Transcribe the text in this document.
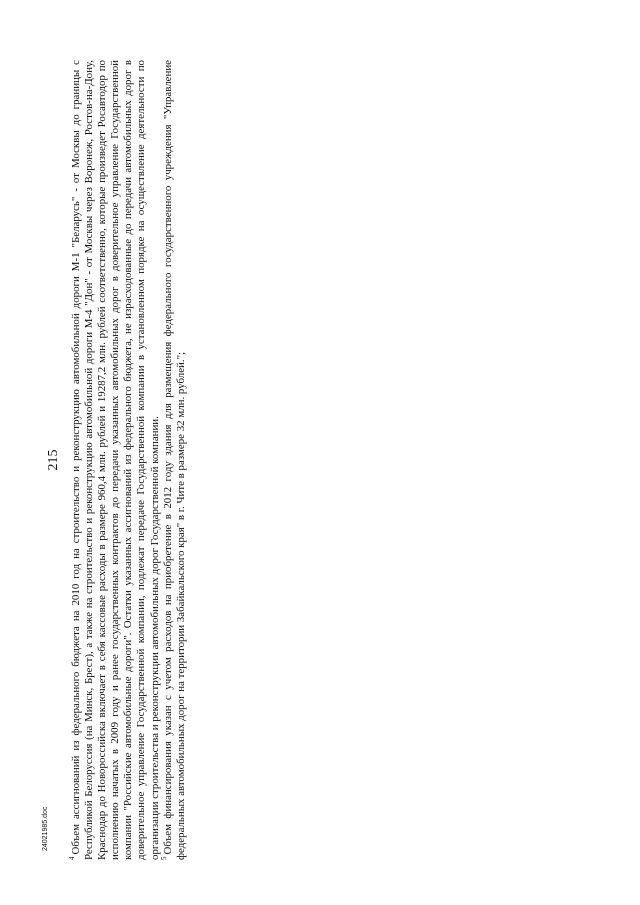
215

$^4$Объем ассигнований из федерального бюджета на 2010 год на строительство и реконструкцию автомобильной дороги М-1 "Беларусь" - от Москвы до границы с Республикой Белоруссия (на Минск, Брест), а также на строительство и реконструкцию автомобильной дороги М-4 "Дон" - от Москвы через Воронеж, Ростов-на-Дону, Краснодар до Новороссийска включает в себя кассовые расходы в размере 960,4 млн. рублей и 19287,2 млн. рублей соответственно, которые произведет Росавтодор по исполнению начатых в 2009 году и ранее государственных контрактов до передачи указанных автомобильных дорог в доверительное управление Государственной компании "Российские автомобильные дороги". Остатки указанных ассигнований из федерального бюджета, не израсходованные до передачи автомобильных дорог в доверительное управление Государственной компании, подлежат передаче Государственной компании в установленном порядке на осуществление деятельности по организации строительства и реконструкции автомобильных дорог Государственной компании. $^5$Объем финансирования указан с учетом расходов на приобретение в 2012 году здания для размещения федерального государственного учреждения "Управление федеральных автомобильных дорог на территории Забайкальского края" в г. Чите в размере 32 млн. рублей.";

24021985.doc
